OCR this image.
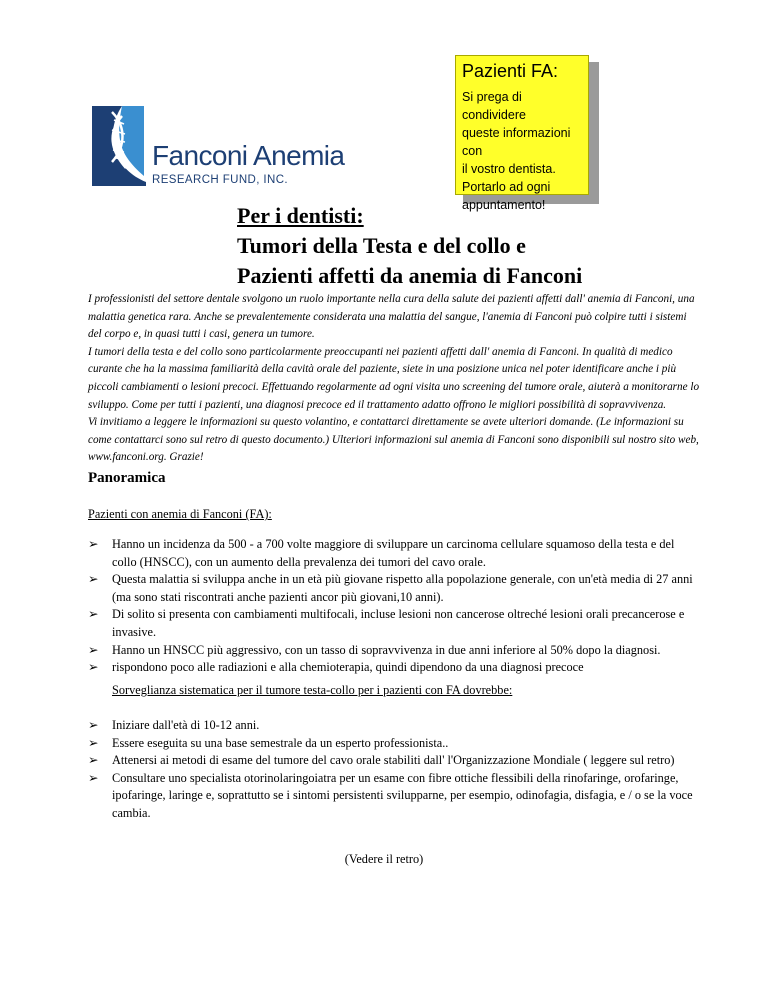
Fanconi Anemia
RESEARCH FUND, INC.
Pazienti FA:
Si prega di condividere
queste informazioni con
il vostro dentista.
Portarlo ad ogni
appuntamento!
Per i dentisti:
Tumori della Testa e del collo e
Pazienti affetti da anemia di Fanconi

I professionisti del settore dentale svolgono un ruolo importante nella cura della salute dei pazienti affetti dall' anemia di Fanconi, una malattia genetica rara. Anche se prevalentemente considerata una malattia del sangue, l'anemia di Fanconi può colpire tutti i sistemi del corpo e, in quasi tutti i casi, genera un tumore.

I tumori della testa e del collo sono particolarmente preoccupanti nei pazienti affetti dall' anemia di Fanconi. In qualità di medico curante che ha la massima familiarità della cavità orale del paziente, siete in una posizione unica nel poter identificare anche i più piccoli cambiamenti o lesioni precoci. Effettuando regolarmente ad ogni visita uno screening del tumore orale, aiuterà a monitorarne lo sviluppo. Come per tutti i pazienti, una diagnosi precoce ed il trattamento adatto offrono le migliori possibilità di sopravvivenza.

Vi invitiamo a leggere le informazioni su questo volantino, e contattarci direttamente se avete ulteriori domande. (Le informazioni su come contattarci sono sul retro di questo documento.) Ulteriori informazioni sul anemia di Fanconi sono disponibili sul nostro sito web, www.fanconi.org. Grazie!

Panoramica
Pazienti con anemia di Fanconi (FA):
➢ Hanno un incidenza da 500 - a 700 volte maggiore di sviluppare un carcinoma cellulare squamoso della testa e del collo (HNSCC), con un aumento della prevalenza dei tumori del cavo orale.
➢ Questa malattia si sviluppa anche in un età più giovane rispetto alla popolazione generale, con un'età media di 27 anni (ma sono stati riscontrati anche pazienti ancor più giovani,10 anni).
➢ Di solito si presenta con cambiamenti multifocali, incluse lesioni non cancerose oltreché lesioni orali precancerose e invasive.
➢ Hanno un HNSCC più aggressivo, con un tasso di sopravvivenza in due anni inferiore al 50% dopo la diagnosi.
➢ rispondono poco alle radiazioni e alla chemioterapia, quindi dipendono da una diagnosi precoce
Sorveglianza sistematica per il tumore testa-collo per i pazienti con FA dovrebbe:
➢ Iniziare dall'età di 10-12 anni.
➢ Essere eseguita su una base semestrale da un esperto professionista..
➢ Attenersi ai metodi di esame del tumore del cavo orale stabiliti dall' l'Organizzazione Mondiale ( leggere sul retro)
➢ Consultare uno specialista otorinolaringoiatra per un esame con fibre ottiche flessibili della rinofaringe, orofaringe, ipofaringe, laringe e, soprattutto se i sintomi persistenti svilupparne, per esempio, odinofagia, disfagia, e / o se la voce cambia.
(Vedere il retro)
